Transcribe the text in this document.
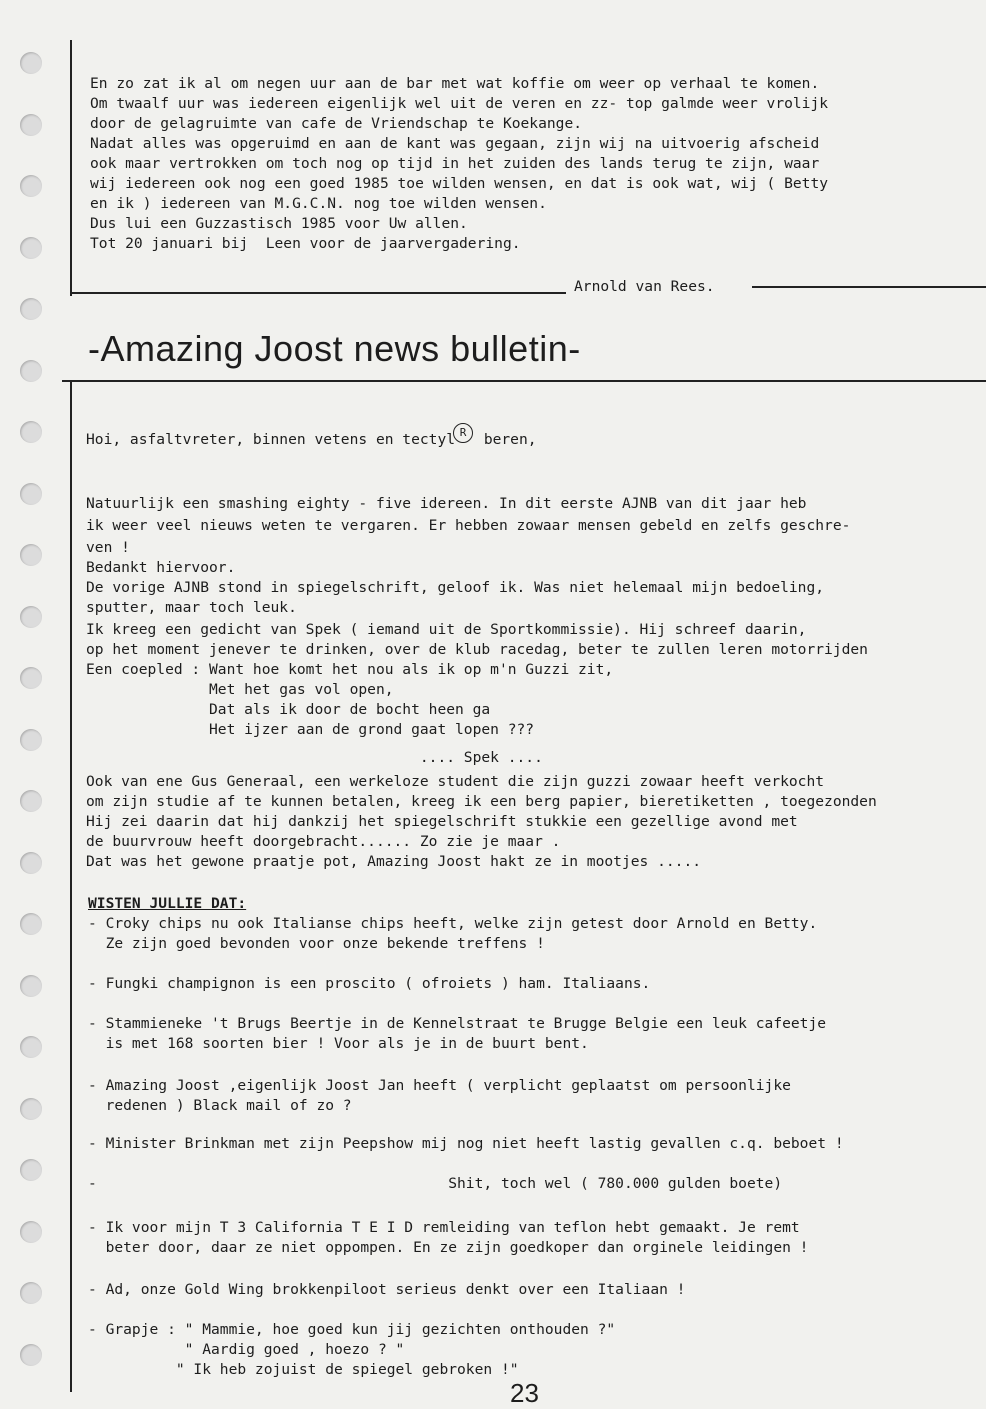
En zo zat ik al om negen uur aan de bar met wat koffie om weer op verhaal te komen.
Om twaalf uur was iedereen eigenlijk wel uit de veren en zz- top galmde weer vrolijk
door de gelagruimte van cafe de Vriendschap te Koekange.
Nadat alles was opgeruimd en aan de kant was gegaan, zijn wij na uitvoerig afscheid
ook maar vertrokken om toch nog op tijd in het zuiden des lands terug te zijn, waar
wij iedereen ook nog een goed 1985 toe wilden wensen, en dat is ook wat, wij ( Betty
en ik ) iedereen van M.G.C.N. nog toe wilden wensen.
Dus lui een Guzzastisch 1985 voor Uw allen.
Tot 20 januari bij  Leen voor de jaarvergadering.
Arnold van Rees.
-Amazing Joost news bulletin-
Hoi, asfaltvreter, binnen vetens en tectyl R beren,
Natuurlijk een smashing eighty - five idereen. In dit eerste AJNB van dit jaar heb
ik weer veel nieuws weten te vergaren. Er hebben zowaar mensen gebeld en zelfs geschre-
ven !
Bedankt hiervoor.
De vorige AJNB stond in spiegelschrift, geloof ik. Was niet helemaal mijn bedoeling,
sputter, maar toch leuk.
Ik kreeg een gedicht van Spek ( iemand uit de Sportkommissie). Hij schreef daarin,
op het moment jenever te drinken, over de klub racedag, beter te zullen leren motorrijden
Een coepled : Want hoe komt het nou als ik op m'n Guzzi zit,
Met het gas vol open,
Dat als ik door de bocht heen ga
Het ijzer aan de grond gaat lopen ???
.... Spek ....
Ook van ene Gus Generaal, een werkeloze student die zijn guzzi zowaar heeft verkocht
om zijn studie af te kunnen betalen, kreeg ik een berg papier, bieretiketten , toegezonden
Hij zei daarin dat hij dankzij het spiegelschrift stukkie een gezellige avond met
de buurvrouw heeft doorgebracht...... Zo zie je maar .
Dat was het gewone praatje pot, Amazing Joost hakt ze in mootjes .....
WISTEN JULLIE DAT:
- Croky chips nu ook Italianse chips heeft, welke zijn getest door Arnold en Betty.
Ze zijn goed bevonden voor onze bekende treffens !
- Fungki champignon is een proscito ( ofroiets ) ham. Italiaans.
- Stammieneke 't Brugs Beertje in de Kennelstraat te Brugge Belgie een leuk cafeetje
is met 168 soorten bier ! Voor als je in de buurt bent.
- Amazing Joost ,eigenlijk Joost Jan heeft ( verplicht geplaatst om persoonlijke
redenen ) Black mail of zo ?
- Minister Brinkman met zijn Peepshow mij nog niet heeft lastig gevallen c.q. beboet !
-                                        Shit, toch wel ( 780.000 gulden boete)
- Ik voor mijn T 3 California T E I D remleiding van teflon hebt gemaakt. Je remt
beter door, daar ze niet oppompen. En ze zijn goedkoper dan orginele leidingen !
- Ad, onze Gold Wing brokkenpiloot serieus denkt over een Italiaan !
- Grapje : " Mammie, hoe goed kun jij gezichten onthouden ?"
" Aardig goed , hoezo ? "
" Ik heb zojuist de spiegel gebroken !"
23
